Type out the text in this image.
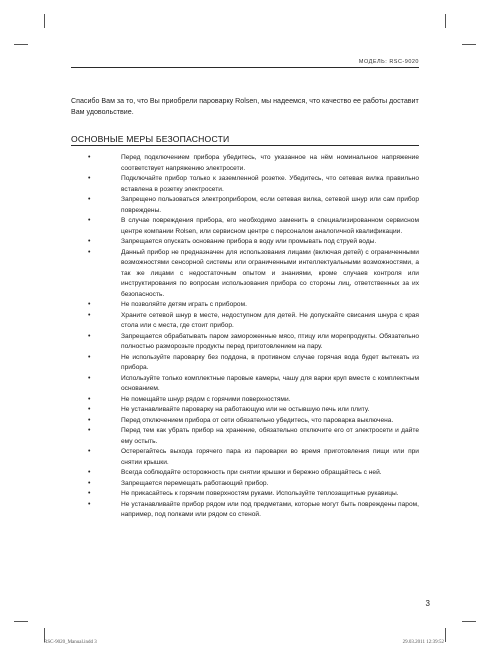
МОДЕЛЬ: RSC-9020

Спасибо Вам за то, что Вы приобрели пароварку Rolsen, мы надеемся, что качество ее работы доставит Вам удовольствие.

ОСНОВНЫЕ МЕРЫ БЕЗОПАСНОСТИ
•	Перед подключением прибора убедитесь, что указанное на нём номинальное напряжение соответствует напряжению электросети.
•	Подключайте прибор только к заземленной розетке. Убедитесь, что сетевая вилка правильно вставлена в розетку электросети.
•	Запрещено пользоваться электроприбором, если сетевая вилка, сетевой шнур или сам прибор повреждены.
•	В случае повреждения прибора, его необходимо заменить в специализированном сервисном центре компании Rolsen, или сервисном центре с персоналом аналогичной квалификации.
•	Запрещается опускать основание прибора в воду или промывать под струей воды.
•	Данный прибор не предназначен для использования лицами (включая детей) с ограниченными возможностями сенсорной системы или ограниченными интеллектуальными возможностями, а так же лицами с недостаточным опытом и знаниями, кроме случаев контроля или инструктирования по вопросам использования прибора со стороны лиц, ответственных за их безопасность.
•	Не позволяйте детям играть с прибором.
•	Храните сетевой шнур в месте, недоступном для детей. Не допускайте свисания шнура с края стола или с места, где стоит прибор.
•	Запрещается обрабатывать паром замороженные мясо, птицу или морепродукты. Обязательно полностью разморозьте продукты перед приготовлением на пару.
•	Не используйте пароварку без поддона, в противном случае горячая вода будет вытекать из прибора.
•	Используйте только комплектные паровые камеры, чашу для варки круп вместе с комплектным основанием.
•	Не помещайте шнур рядом с горячими поверхностями.
•	Не устанавливайте пароварку на работающую или не остывшую печь или плиту.
•	Перед отключением прибора от сети обязательно убедитесь, что пароварка выключена.
•	Перед тем как убрать прибор на хранение, обязательно отключите его от электросети и дайте ему остыть.
•	Остерегайтесь выхода горячего пара из пароварки во время приготовления пищи или при снятии крышки.
•	Всегда соблюдайте осторожность при снятии крышки и бережно обращайтесь с ней.
•	Запрещается перемещать работающий прибор.
•	Не прикасайтесь к горячим поверхностям руками. Используйте теплозащитные рукавицы.
•	Не устанавливайте прибор рядом или под предметами, которые могут быть повреждены паром, например, под полками или рядом со стеной.
3
RSC-9020_Manual.indd 3	29.03.2011 12:39:52
